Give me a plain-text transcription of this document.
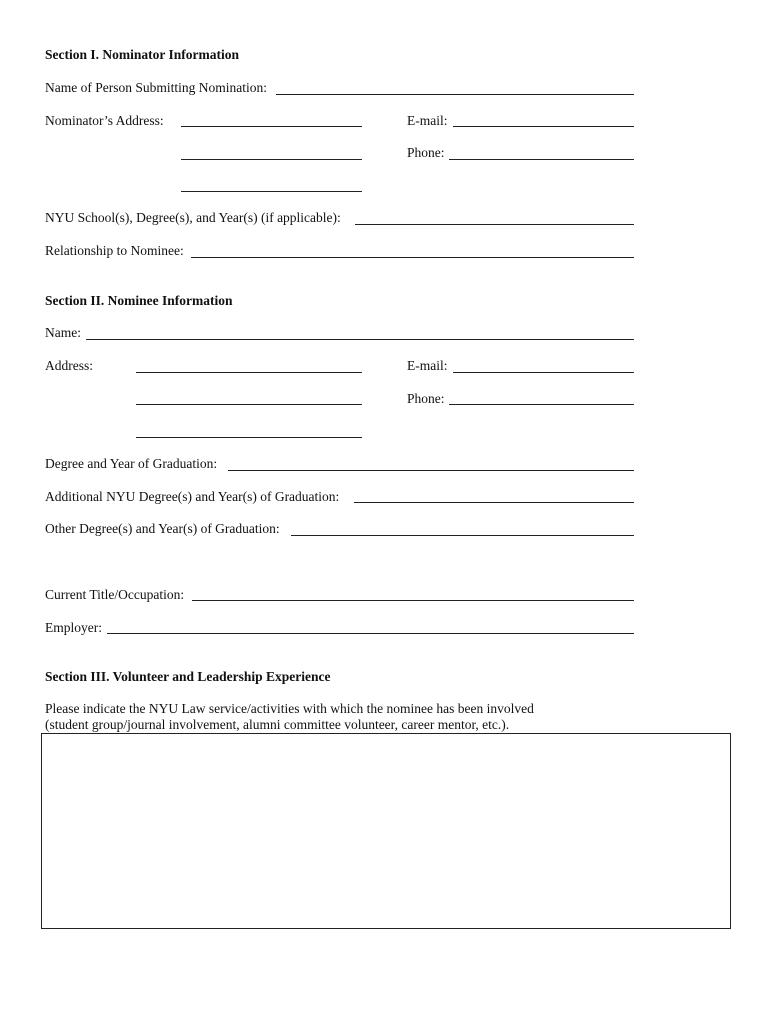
Section I. Nominator Information
Name of Person Submitting Nomination:
Nominator’s Address:	E-mail:
Phone:
NYU School(s), Degree(s), and Year(s) (if applicable):
Relationship to Nominee:
Section II. Nominee Information
Name:
Address:	E-mail:
Phone:
Degree and Year of Graduation:
Additional NYU Degree(s) and Year(s) of Graduation:
Other Degree(s) and Year(s) of Graduation:
Current Title/Occupation:
Employer:
Section III. Volunteer and Leadership Experience
Please indicate the NYU Law service/activities with which the nominee has been involved
(student group/journal involvement, alumni committee volunteer, career mentor, etc.).
